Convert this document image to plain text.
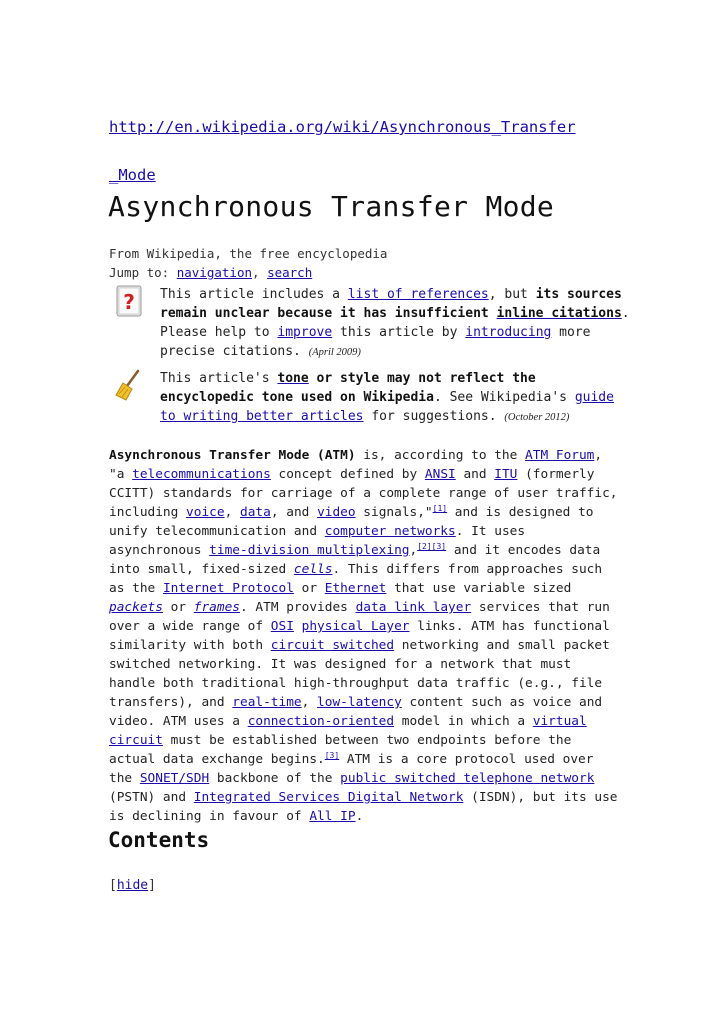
http://en.wikipedia.org/wiki/Asynchronous_Transfer
_Mode
Asynchronous Transfer Mode
From Wikipedia, the free encyclopedia
Jump to: navigation, search
? This article includes a list of references, but its sources remain unclear because it has insufficient inline citations. Please help to improve this article by introducing more precise citations. (April 2009)
This article's tone or style may not reflect the encyclopedic tone used on Wikipedia. See Wikipedia's guide to writing better articles for suggestions. (October 2012)
Asynchronous Transfer Mode (ATM) is, according to the ATM Forum, "a telecommunications concept defined by ANSI and ITU (formerly CCITT) standards for carriage of a complete range of user traffic, including voice, data, and video signals,"[1] and is designed to unify telecommunication and computer networks. It uses asynchronous time-division multiplexing,[2][3] and it encodes data into small, fixed-sized cells. This differs from approaches such as the Internet Protocol or Ethernet that use variable sized packets or frames. ATM provides data link layer services that run over a wide range of OSI physical Layer links. ATM has functional similarity with both circuit switched networking and small packet switched networking. It was designed for a network that must handle both traditional high-throughput data traffic (e.g., file transfers), and real-time, low-latency content such as voice and video. ATM uses a connection-oriented model in which a virtual circuit must be established between two endpoints before the actual data exchange begins.[3] ATM is a core protocol used over the SONET/SDH backbone of the public switched telephone network (PSTN) and Integrated Services Digital Network (ISDN), but its use is declining in favour of All IP.
Contents
[hide]
